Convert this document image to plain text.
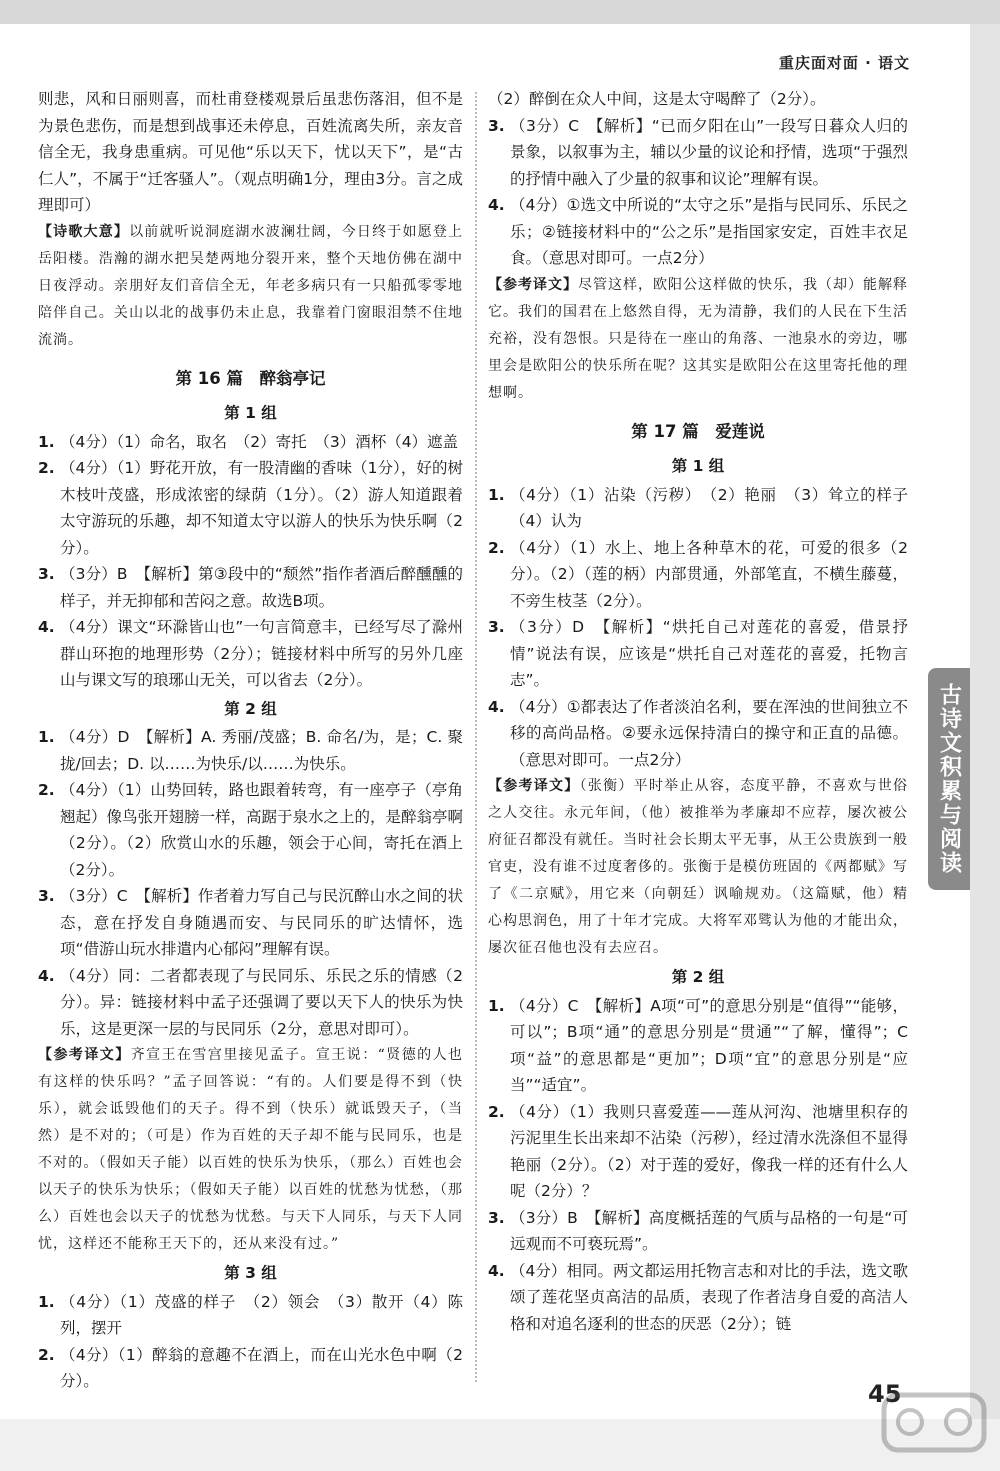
重庆面对面 · 语文

则悲，风和日丽则喜，而杜甫登楼观景后虽悲伤落泪，但不是为景色悲伤，而是想到战事还未停息，百姓流离失所，亲友音信全无，我身患重病。可见他“乐以天下，忧以天下”，是“古仁人”，不属于“迁客骚人”。（观点明确1分，理由3分。言之成理即可）

【诗歌大意】以前就听说洞庭湖水波澜壮阔，今日终于如愿登上岳阳楼。浩瀚的湖水把吴楚两地分裂开来，整个天地仿佛在湖中日夜浮动。亲朋好友们音信全无，年老多病只有一只船孤零零地陪伴自己。关山以北的战事仍未止息，我靠着门窗眼泪禁不住地流淌。

第 16 篇　醉翁亭记
第 1 组
1. （4分）（1）命名，取名　（2）寄托　（3）酒杯（4）遮盖
2. （4分）（1）野花开放，有一股清幽的香味（1分），好的树木枝叶茂盛，形成浓密的绿荫（1分）。（2）游人知道跟着太守游玩的乐趣，却不知道太守以游人的快乐为快乐啊（2分）。
3. （3分）B　【解析】第③段中的“颓然”指作者酒后醉醺醺的样子，并无抑郁和苦闷之意。故选B项。
4. （4分）课文“环滁皆山也”一句言简意丰，已经写尽了滁州群山环抱的地理形势（2分）；链接材料中所写的另外几座山与课文写的琅琊山无关，可以省去（2分）。
第 2 组
1. （4分）D　【解析】A. 秀丽/茂盛；B. 命名/为，是；C. 聚拢/回去；D. 以……为快乐/以……为快乐。
2. （4分）（1）山势回转，路也跟着转弯，有一座亭子（亭角翘起）像鸟张开翅膀一样，高踞于泉水之上的，是醉翁亭啊（2分）。（2）欣赏山水的乐趣，领会于心间，寄托在酒上（2分）。
3. （3分）C　【解析】作者着力写自己与民沉醉山水之间的状态，意在抒发自身随遇而安、与民同乐的旷达情怀，选项“借游山玩水排遣内心郁闷”理解有误。
4. （4分）同：二者都表现了与民同乐、乐民之乐的情感（2分）。异：链接材料中孟子还强调了要以天下人的快乐为快乐，这是更深一层的与民同乐（2分，意思对即可）。

【参考译文】齐宣王在雪宫里接见孟子。宣王说：“贤德的人也有这样的快乐吗？”孟子回答说：“有的。人们要是得不到（快乐），就会诋毁他们的天子。得不到（快乐）就诋毁天子，（当然）是不对的；（可是）作为百姓的天子却不能与民同乐，也是不对的。（假如天子能）以百姓的快乐为快乐，（那么）百姓也会以天子的快乐为快乐；（假如天子能）以百姓的忧愁为忧愁，（那么）百姓也会以天子的忧愁为忧愁。与天下人同乐，与天下人同忧，这样还不能称王天下的，还从来没有过。”

第 3 组
1. （4分）（1）茂盛的样子　（2）领会　（3）散开（4）陈列，摆开
2. （4分）（1）醉翁的意趣不在酒上，而在山光水色中啊（2分）。

（2）醉倒在众人中间，这是太守喝醉了（2分）。

3. （3分）C　【解析】“已而夕阳在山”一段写日暮众人归的景象，以叙事为主，辅以少量的议论和抒情，选项“于强烈的抒情中融入了少量的叙事和议论”理解有误。
4. （4分）①选文中所说的“太守之乐”是指与民同乐、乐民之乐；②链接材料中的“公之乐”是指国家安定，百姓丰衣足食。（意思对即可。一点2分）

【参考译文】尽管这样，欧阳公这样做的快乐，我（却）能解释它。我们的国君在上悠然自得，无为清静，我们的人民在下生活充裕，没有怨恨。只是待在一座山的角落、一池泉水的旁边，哪里会是欧阳公的快乐所在呢？这其实是欧阳公在这里寄托他的理想啊。

第 17 篇　爱莲说
第 1 组
1. （4分）（1）沾染（污秽）　（2）艳丽　（3）耸立的样子（4）认为
2. （4分）（1）水上、地上各种草木的花，可爱的很多（2分）。（2）（莲的柄）内部贯通，外部笔直，不横生藤蔓，不旁生枝茎（2分）。
3. （3分）D　【解析】“烘托自己对莲花的喜爱，借景抒情”说法有误，应该是“烘托自己对莲花的喜爱，托物言志”。
4. （4分）①都表达了作者淡泊名利，要在浑浊的世间独立不移的高尚品格。②要永远保持清白的操守和正直的品德。（意思对即可。一点2分）

【参考译文】（张衡）平时举止从容，态度平静，不喜欢与世俗之人交往。永元年间，（他）被推举为孝廉却不应荐，屡次被公府征召都没有就任。当时社会长期太平无事，从王公贵族到一般官吏，没有谁不过度奢侈的。张衡于是模仿班固的《两都赋》写了《二京赋》，用它来（向朝廷）讽喻规劝。（这篇赋，他）精心构思润色，用了十年才完成。大将军邓骘认为他的才能出众，屡次征召他也没有去应召。

第 2 组
1. （4分）C　【解析】A项“可”的意思分别是“值得”“能够，可以”；B项“通”的意思分别是“贯通”“了解，懂得”；C项“益”的意思都是“更加”；D项“宜”的意思分别是“应当”“适宜”。
2. （4分）（1）我则只喜爱莲——莲从河沟、池塘里积存的污泥里生长出来却不沾染（污秽），经过清水洗涤但不显得艳丽（2分）。（2）对于莲的爱好，像我一样的还有什么人呢（2分）？
3. （3分）B　【解析】高度概括莲的气质与品格的一句是“可远观而不可亵玩焉”。
4. （4分）相同。两文都运用托物言志和对比的手法，选文歌颂了莲花坚贞高洁的品质，表现了作者洁身自爱的高洁人格和对追名逐利的世态的厌恶（2分）；链
古诗文积累与阅读
45
